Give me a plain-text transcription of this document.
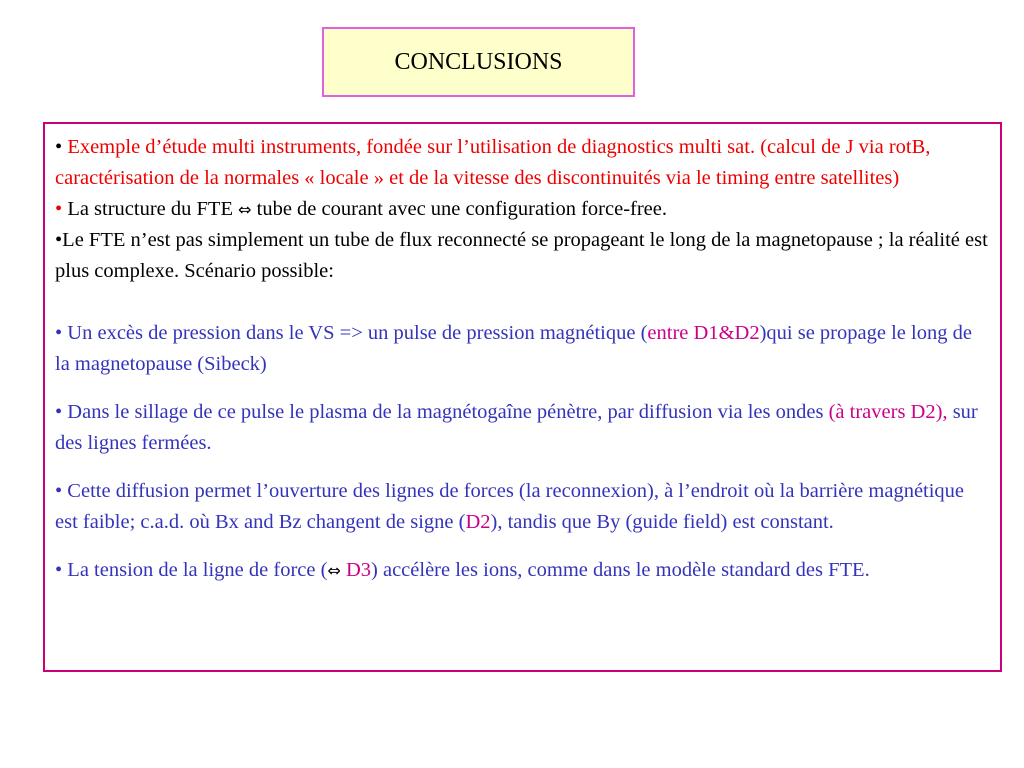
CONCLUSIONS

• Exemple d’étude multi instruments, fondée sur l’utilisation de diagnostics multi sat. (calcul de J via rotB, caractérisation de la normales « locale » et de la vitesse des discontinuités via le timing entre satellites)

• La structure du FTE ⇔ tube de courant avec une configuration force-free.

•Le FTE n’est pas simplement un tube de flux reconnecté se propageant le long de la magnetopause ; la réalité est plus complexe. Scénario possible:

• Un excès de pression dans le VS => un pulse de pression magnétique (entre D1&D2)qui se propage le long de la magnetopause (Sibeck)

• Dans le sillage de ce pulse le plasma de la magnétogaîne pénètre, par diffusion via les ondes (à travers D2), sur des lignes fermées.

• Cette diffusion permet l’ouverture des lignes de forces (la reconnexion), à l’endroit où la barrière magnétique est faible; c.a.d. où Bx and Bz changent de signe (D2), tandis que By (guide field) est constant.

• La tension de la ligne de force (⇔ D3) accélère les ions, comme dans le modèle standard des FTE.
